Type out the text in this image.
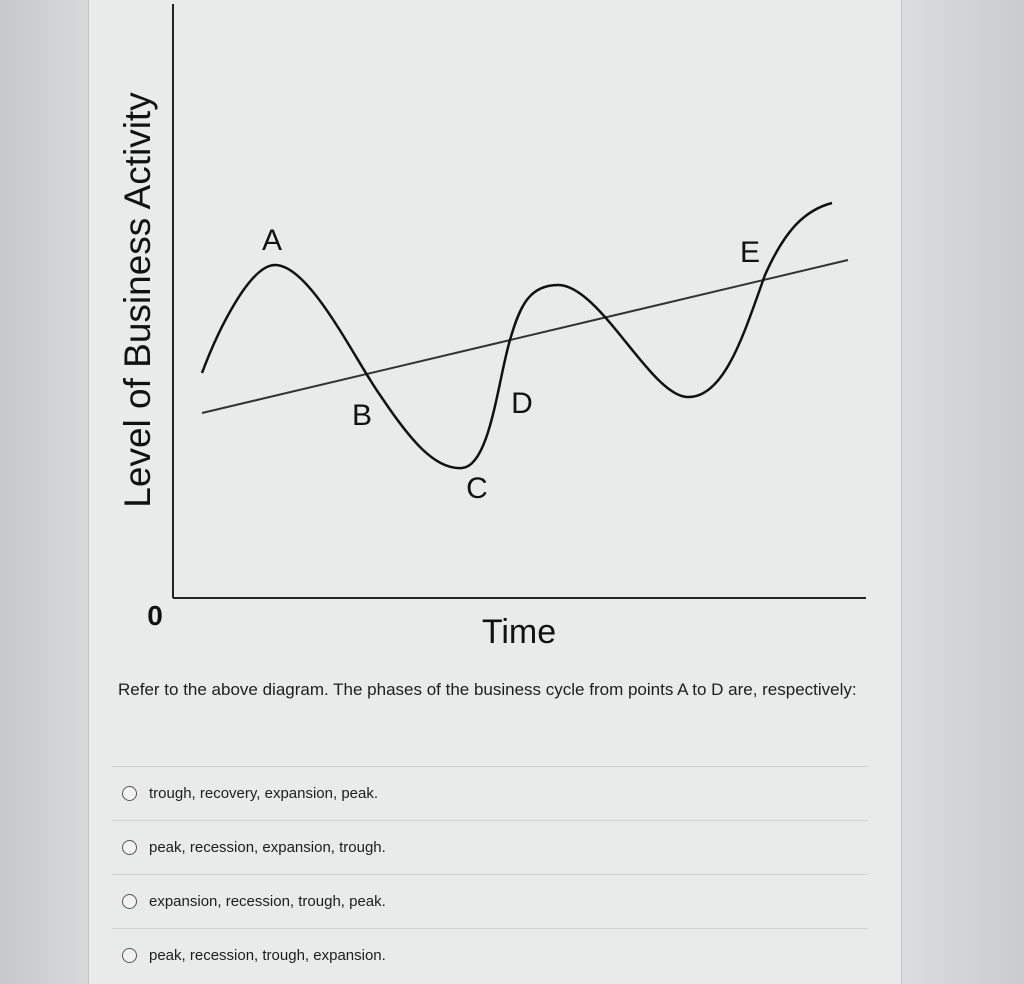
Level of Business Activity
0	Time
A
B
C
D
E
Refer to the above diagram. The phases of the business cycle from points A to D are, respectively:
trough, recovery, expansion, peak.
peak, recession, expansion, trough.
expansion, recession, trough, peak.
peak, recession, trough, expansion.
